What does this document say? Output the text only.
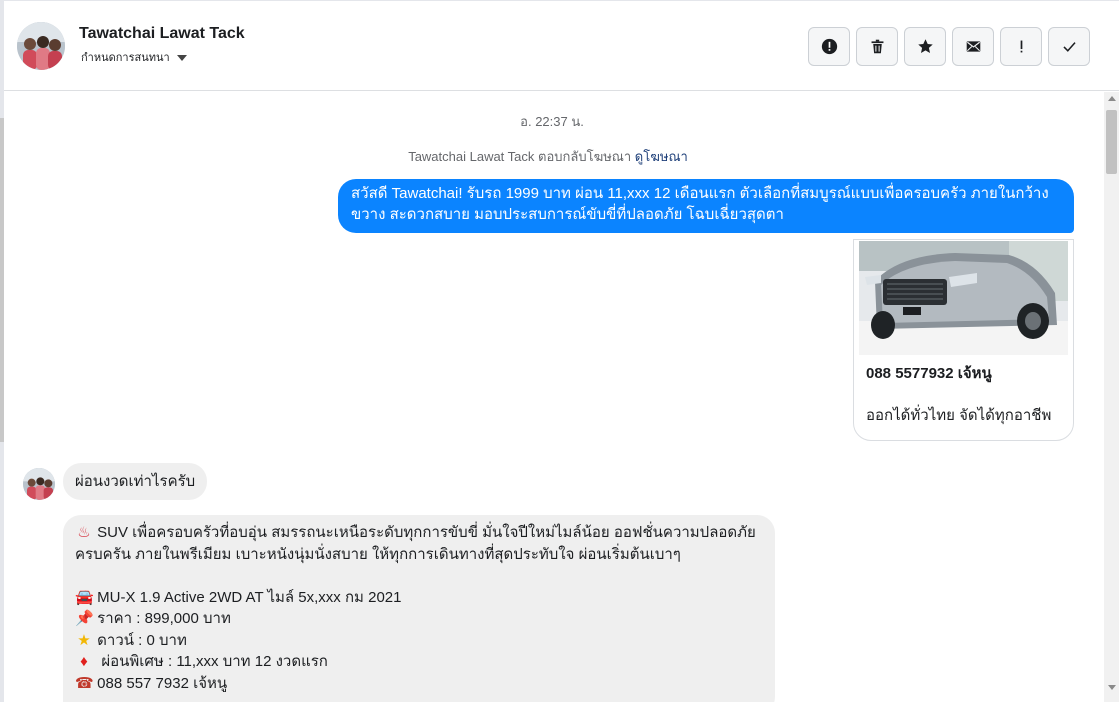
Tawatchai Lawat Tack
กำหนดการสนทนา
อ. 22:37 น.
Tawatchai Lawat Tack ตอบกลับโฆษณา ดูโฆษณา
สวัสดี Tawatchai! รับรถ 1999 บาท ผ่อน 11,xxx 12 เดือนแรก ตัวเลือกที่สมบูรณ์แบบเพื่อครอบครัว ภายในกว้างขวาง สะดวกสบาย มอบประสบการณ์ขับขี่ที่ปลอดภัย โฉบเฉี่ยวสุดตา
088 5577932 เจ้หนู
ออกได้ทั่วไทย จัดได้ทุกอาชีพ
ผ่อนงวดเท่าไรครับ

♨ SUV เพื่อครอบครัวที่อบอุ่น สมรรถนะเหนือระดับทุกการขับขี่ มั่นใจปีใหม่ไมล์น้อย ออฟชั่นความปลอดภัย

ครบครัน ภายในพรีเมียม เบาะหนังนุ่มนั่งสบาย ให้ทุกการเดินทางที่สุดประทับใจ ผ่อนเริ่มต้นเบาๆ

🚘 MU-X 1.9 Active 2WD AT ไมล์ 5x,xxx กม 2021

📌 ราคา : 899,000 บาท

★ ดาวน์ : 0 บาท

♦ ผ่อนพิเศษ : 11,xxx บาท 12 งวดแรก

☎ 088 557 7932 เจ้หนู
